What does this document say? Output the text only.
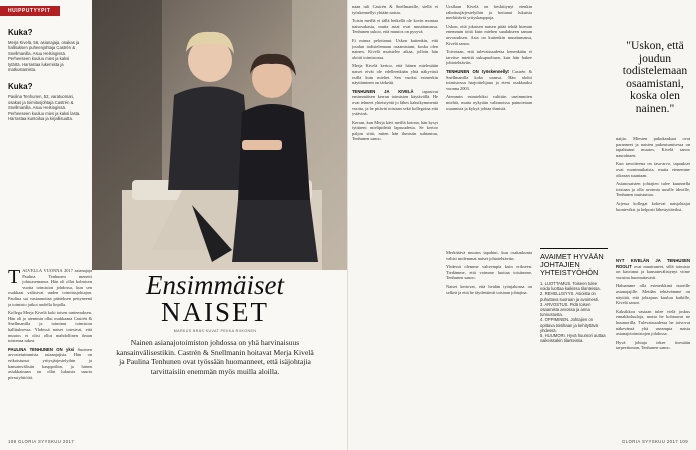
HUIPPUTYYPIT
Kuka?

Merja Kivelä, 56, asianajaja, osakas ja hallituksen puheenjohtaja Castrén & Snellmanilla. Asuu Helsingissä. Perheeseen kuuluu mies ja kaksi tytärtä. Harrastaa lukemista ja matkustamista.

Kuka?

Paulina Tenhunen, 52, varatuomari, osakas ja toimitusjohtaja Castrén & Snellmanilla. Asuu Helsingissä. Perheeseen kuuluu mies ja kaksi lasta. Harrastaa kuntoilua ja kirjallisuutta.

TALVELLA VUONNA 2017 asianajaja Paulina Tenhunen menetti johtoasemansa. Hän oli ollut kolmisen vuotta toimiston johdossa, kun sen osakkaat valitsivat uuden toimitusjohtajan. Paulina sai vastaanottaa päätöksen pettyneenä ja toimisto jatkoi uudella linjalla.

Kollega Merja Kivelä koki toisen tuntemuksen. Hän oli jo aiemmin ollut osakkaana Castrén & Snellmanilla ja toiminut toimiston hallituksessa. Yhdessä naiset totesivat, että muutos ei olisi ollut mahdollinen ilman toistensa tukea.

PAULINA TENHUNEN ON yksi Suomen arvostetuimmista asianajajista. Hän on erikoistunut yritysjärjestelyihin ja kansainvälisiin kauppoihin, ja hänen asiakkainaan on ollut lukuisia suuria pörssiyhtiöitä.

Ensimmäiset
NAISET
MARKUS BRÄS KUVAT PEKKA RIIKONEN
Nainen asianajotoimiston johdossa on yhä harvinaisuus kansainvälisestikin. Castrén & Snellmanin hoitavat Merja Kivelä ja Paulina Tenhunen ovat työssään huomanneet, että isäjohtajia tarvittaisiin enemmän myös muilla aloilla.
108 GLORIA SYYSKUU 2017

naan tuli Castrén & Snellmanille, siellä ei työskennellyt yhtään naista.

Toisin meillä ei tällä hetkellä ole kovin montaa naisosakasta, mutta asiat ovat muuttumassa. Tenhunen uskoo, että muutos on pysyvä.

Ei minua pelottanut. Uskon kuitenkin, että joudun todistelemaan osaamistani, koska olen nainen, Kivelä muistelee aikaa, jolloin hän aloitti toimistossa.

Merja Kivelä kertoo, että hänen mielestään naiset eivät ole edelleenkään yhtä näkyvästi esillä kuin miehet. Sen vuoksi esimerkin näyttäminen on tärkeää.

TENHUNEN JA KIVELÄ tapasivat ensimmäisen kerran toimiston käytävällä. He ovat tehneet yhteistyötä jo lähes kaksikymmentä vuotta, ja he pitävät toisiaan sekä kollegoina että ystävinä.

Kerran, kun Merja kävi meillä kotona, hän kysyi tyttäreni mielipidettä lapsuudesta. Se kertoo paljon siitä, miten hän ihmisiin suhtautuu, Tenhunen sanoo.

Urallaan Kivelä on keskittynyt etenkin rahoitusjärjestelyihin ja hoitanut lukuisia merkittäviä yrityskauppoja.

Uskon, että jokaisen naisen pitää tehdä hieman enemmän töitä kuin miehen saadakseen saman arvostuksen. Asia on kuitenkin muuttumassa, Kivelä sanoo.

Toivotaan, että tulevaisuudessa kenenkään ei tarvitse miettiä sukupuoltaan, kun hän hakee johtotehtäviin.

TENHUNEN ON työskennellyt Castrén & Snellmanilla koko uransa. Hän aloitti toimistossa harjoittelijana ja eteni osakkaaksi vuonna 2003.

Aiemmin esimiehiksi valittiin useimmiten miehiä, mutta nykyään valinnoissa painotetaan osaamista ja kykyä johtaa ihmisiä.

Merkittävä muutos tapahtui, kun osakaskunta valitsi molemmat naiset johtotehtäviin.

Yhdessä olemme vahvempia kuin erikseen. Tiedämme, että voimme luottaa toisiimme, Tenhunen sanoo.

Naiset kertovat, että heidän työnjakonsa on selkeä ja että he täydentävät toisiaan johtajina.

AVAIMET HYVÄÄN JOHTAJIEN YHTEISTYÖHÖN

1. LUOTTAMUS. Toiseen tulee voida luottaa kaikissa tilanteissa.

2. REHELLISYYS. Asioista on puhuttava suoraan ja avoimesti.

3. ARVOSTUS. Pidä toisen osaamista arvossa ja anna tunnustusta.

4. OPPIMINEN. Johtajien on opittava toisiltaan ja kehityttävä yhdessä.

5. HUUMORI. Hyvä huumori auttaa vaikeissakin tilanteissa.

"Uskon, että joudun todistelemaan osaamistani, koska olen nainen."

naijia. Miesten pukukankaat ovat paranneet ja naisten pukeutumisessa on tapahtunut muutos, Kivelä sanoo naurahtaen.

Kun tavoitteena on tasa-arvo, tapaukset ovat monimutkaisia, mutta etenemme oikeaan suuntaan.

Asianosaisten johtajien tulee kuunnella toisiaan ja olla avoimia uusille ideoille, Tenhunen muistuttaa.

Arjessa kollegat kokevat naisjohtajat luonteviksi ja helposti lähestyttäviksi.

NYT KIVELÄN JA TENHUSEN ROOLIT ovat muuttuneet, sillä toimisto on kasvanut ja kansainvälistynyt viime vuosina huomattavasti.

Haluamme olla esimerkkinä nuorille asianajajille. Meidän tehtävämme on näyttää, että johtajuus kuuluu kaikille, Kivelä sanoo.

Kaksikkoa vastaan tulee vielä joskus ennakkoluuloja, mutta he kohtaavat ne huumorilla. Tulevaisuudessa he toivovat näkevänsä yhä useampia naisia asianajotoimistojen johdossa.

Hyvä johtaja tekee itsestään tarpeettoman, Tenhunen sanoo.

GLORIA SYYSKUU 2017 109
